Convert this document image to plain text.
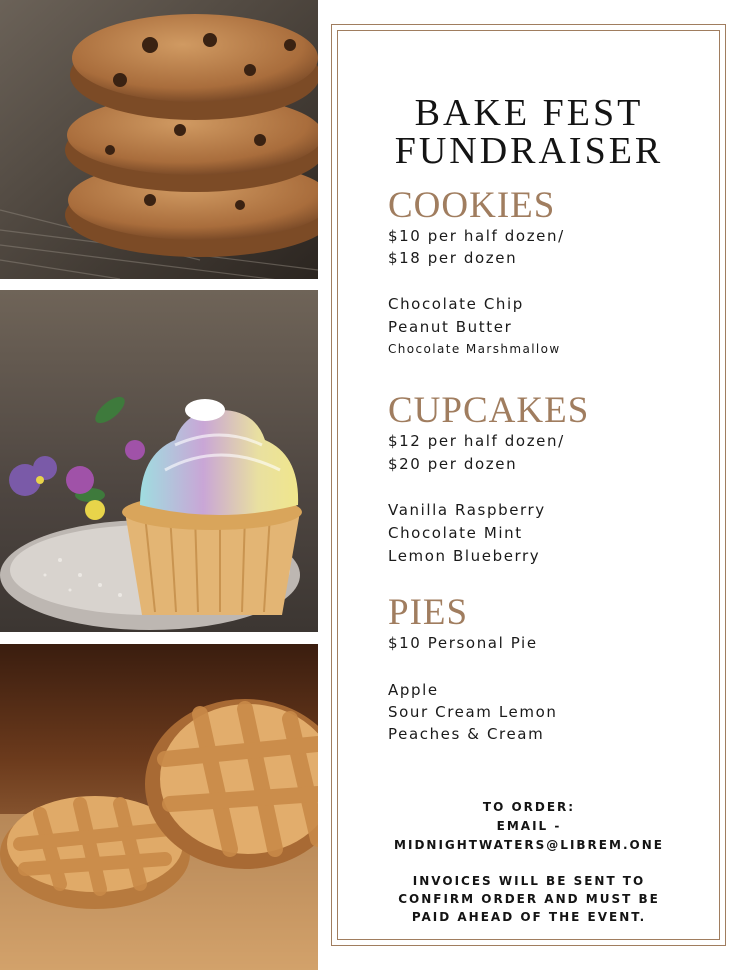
BAKE FEST
FUNDRAISER
COOKIES

$10 per half dozen/

$18 per dozen

Chocolate Chip

Peanut Butter

Chocolate Marshmallow

CUPCAKES

$12 per half dozen/

$20 per dozen

Vanilla Raspberry

Chocolate Mint

Lemon Blueberry

PIES

$10 Personal Pie

Apple

Sour Cream Lemon

Peaches & Cream

TO ORDER:

EMAIL -

MIDNIGHTWATERS@LIBREM.ONE

INVOICES WILL BE SENT TO

CONFIRM ORDER AND MUST BE

PAID AHEAD OF THE EVENT.
